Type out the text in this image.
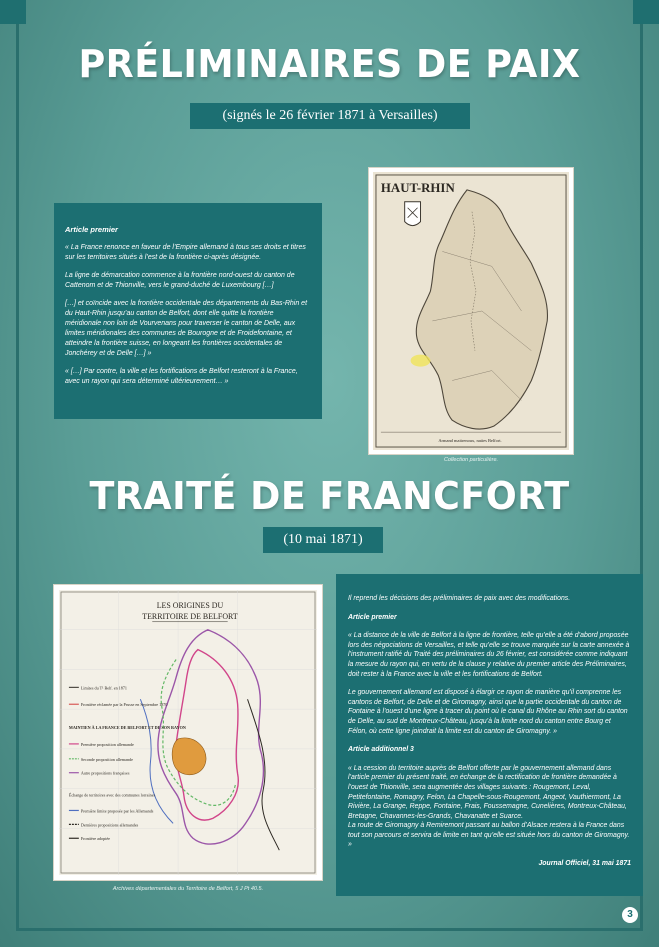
PRÉLIMINAIRES DE PAIX
(signés le 26 février 1871 à Versailles)

Article premier

« La France renonce en faveur de l’Empire allemand à tous ses droits et titres sur les territoires situés à l’est de la frontière ci-après désignée.

La ligne de démarcation commence à la frontière nord-ouest du canton de Cattenom et de Thionville, vers le grand-duché de Luxembourg […]

[…] et coïncide avec la frontière occidentale des départements du Bas-Rhin et du Haut-Rhin jusqu’au canton de Belfort, dont elle quitte la frontière méridionale non loin de Vourvenans pour traverser le canton de Delle, aux limites méridionales des communes de Bourogne et de Froidefontaine, et atteindre la frontière suisse, en longeant les frontières occidentales de Jonchérey et de Delle […] »

« […] Par contre, la ville et les fortifications de Belfort resteront à la France, avec un rayon qui sera déterminé ultérieurement… »

HAUT-RHIN
Armand maitrenoux, naties Belfort.
Collection particulière.
TRAITÉ DE FRANCFORT
(10 mai 1871)
LES ORIGINES DU
TERRITOIRE DE BELFORT
Limites du T¹ Belf. en 1871
Frontière réclamée par la Prusse en Septembre 1870
MAINTIEN À LA FRANCE DE BELFORT ET DE SON RAYON
Première proposition allemande
Seconde proposition allemande
Autre propositions françaises
Échange de territoires avec des communes lorraines
Première limite proposée par les Allemands
Dernières propositions allemandes
Frontière adoptée
Archives départementales du Territoire de Belfort, 5 J Pt 40.5.

Il reprend les décisions des préliminaires de paix avec des modifications.

Article premier

« La distance de la ville de Belfort à la ligne de frontière, telle qu’elle a été d’abord proposée lors des négociations de Versailles, et telle qu’elle se trouve marquée sur la carte annexée à l’instrument ratifié du Traité des préliminaires du 26 février, est considérée comme indiquant la mesure du rayon qui, en vertu de la clause y relative du premier article des Préliminaires, doit rester à la France avec la ville et les fortifications de Belfort.

Le gouvernement allemand est disposé à élargir ce rayon de manière qu’il comprenne les cantons de Belfort, de Delle et de Giromagny, ainsi que la partie occidentale du canton de Fontaine à l’ouest d’une ligne à tracer du point où le canal du Rhône au Rhin sort du canton de Delle, au sud de Montreux-Château, jusqu’à la limite nord du canton entre Bourg et Félon, où cette ligne joindrait la limite est du canton de Giromagny. »

Article additionnel 3

« La cession du territoire auprès de Belfort offerte par le gouvernement allemand dans l’article premier du présent traité, en échange de la rectification de frontière demandée à l’ouest de Thionville, sera augmentée des villages suivants : Rougemont, Leval, Petitefontaine, Romagny, Felon, La Chapelle-sous-Rougemont, Angeot, Vauthiermont, La Rivière, La Grange, Reppe, Fontaine, Frais, Foussemagne, Cunelières, Montreux-Château, Bretagne, Chavannes-les-Grands, Chavanatte et Suarce.

La route de Giromagny à Remiremont passant au ballon d’Alsace restera à la France dans tout son parcours et servira de limite en tant qu’elle est située hors du canton de Giromagny. »

Journal Officiel, 31 mai 1871

3
